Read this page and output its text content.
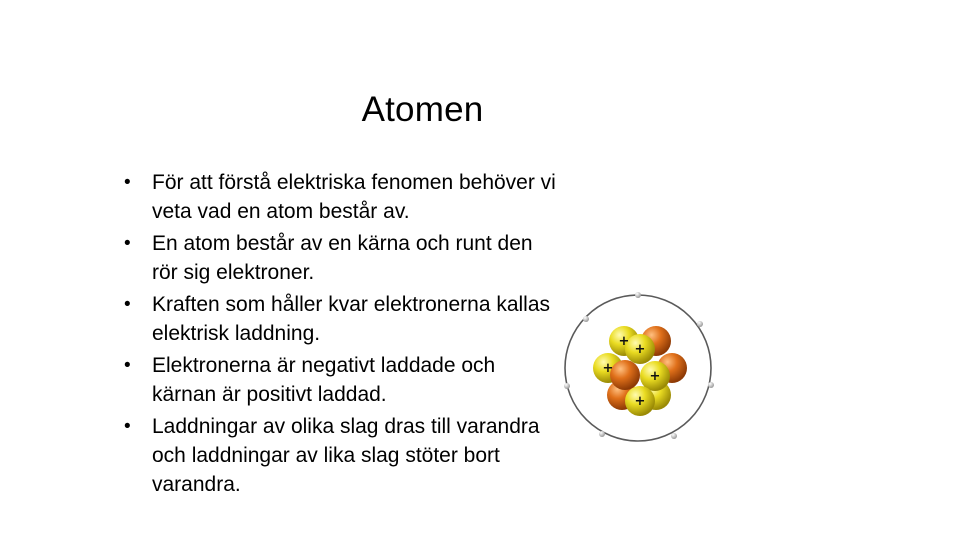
Atomen
• För att förstå elektriska fenomen behöver vi veta vad en atom består av.
• En atom består av en kärna och runt den rör sig elektroner.
• Kraften som håller kvar elektronerna kallas elektrisk laddning.
• Elektronerna är negativt laddade och kärnan är positivt laddad.
• Laddningar av olika slag dras till varandra och laddningar av lika slag stöter bort varandra.
+
+
+
+
+
